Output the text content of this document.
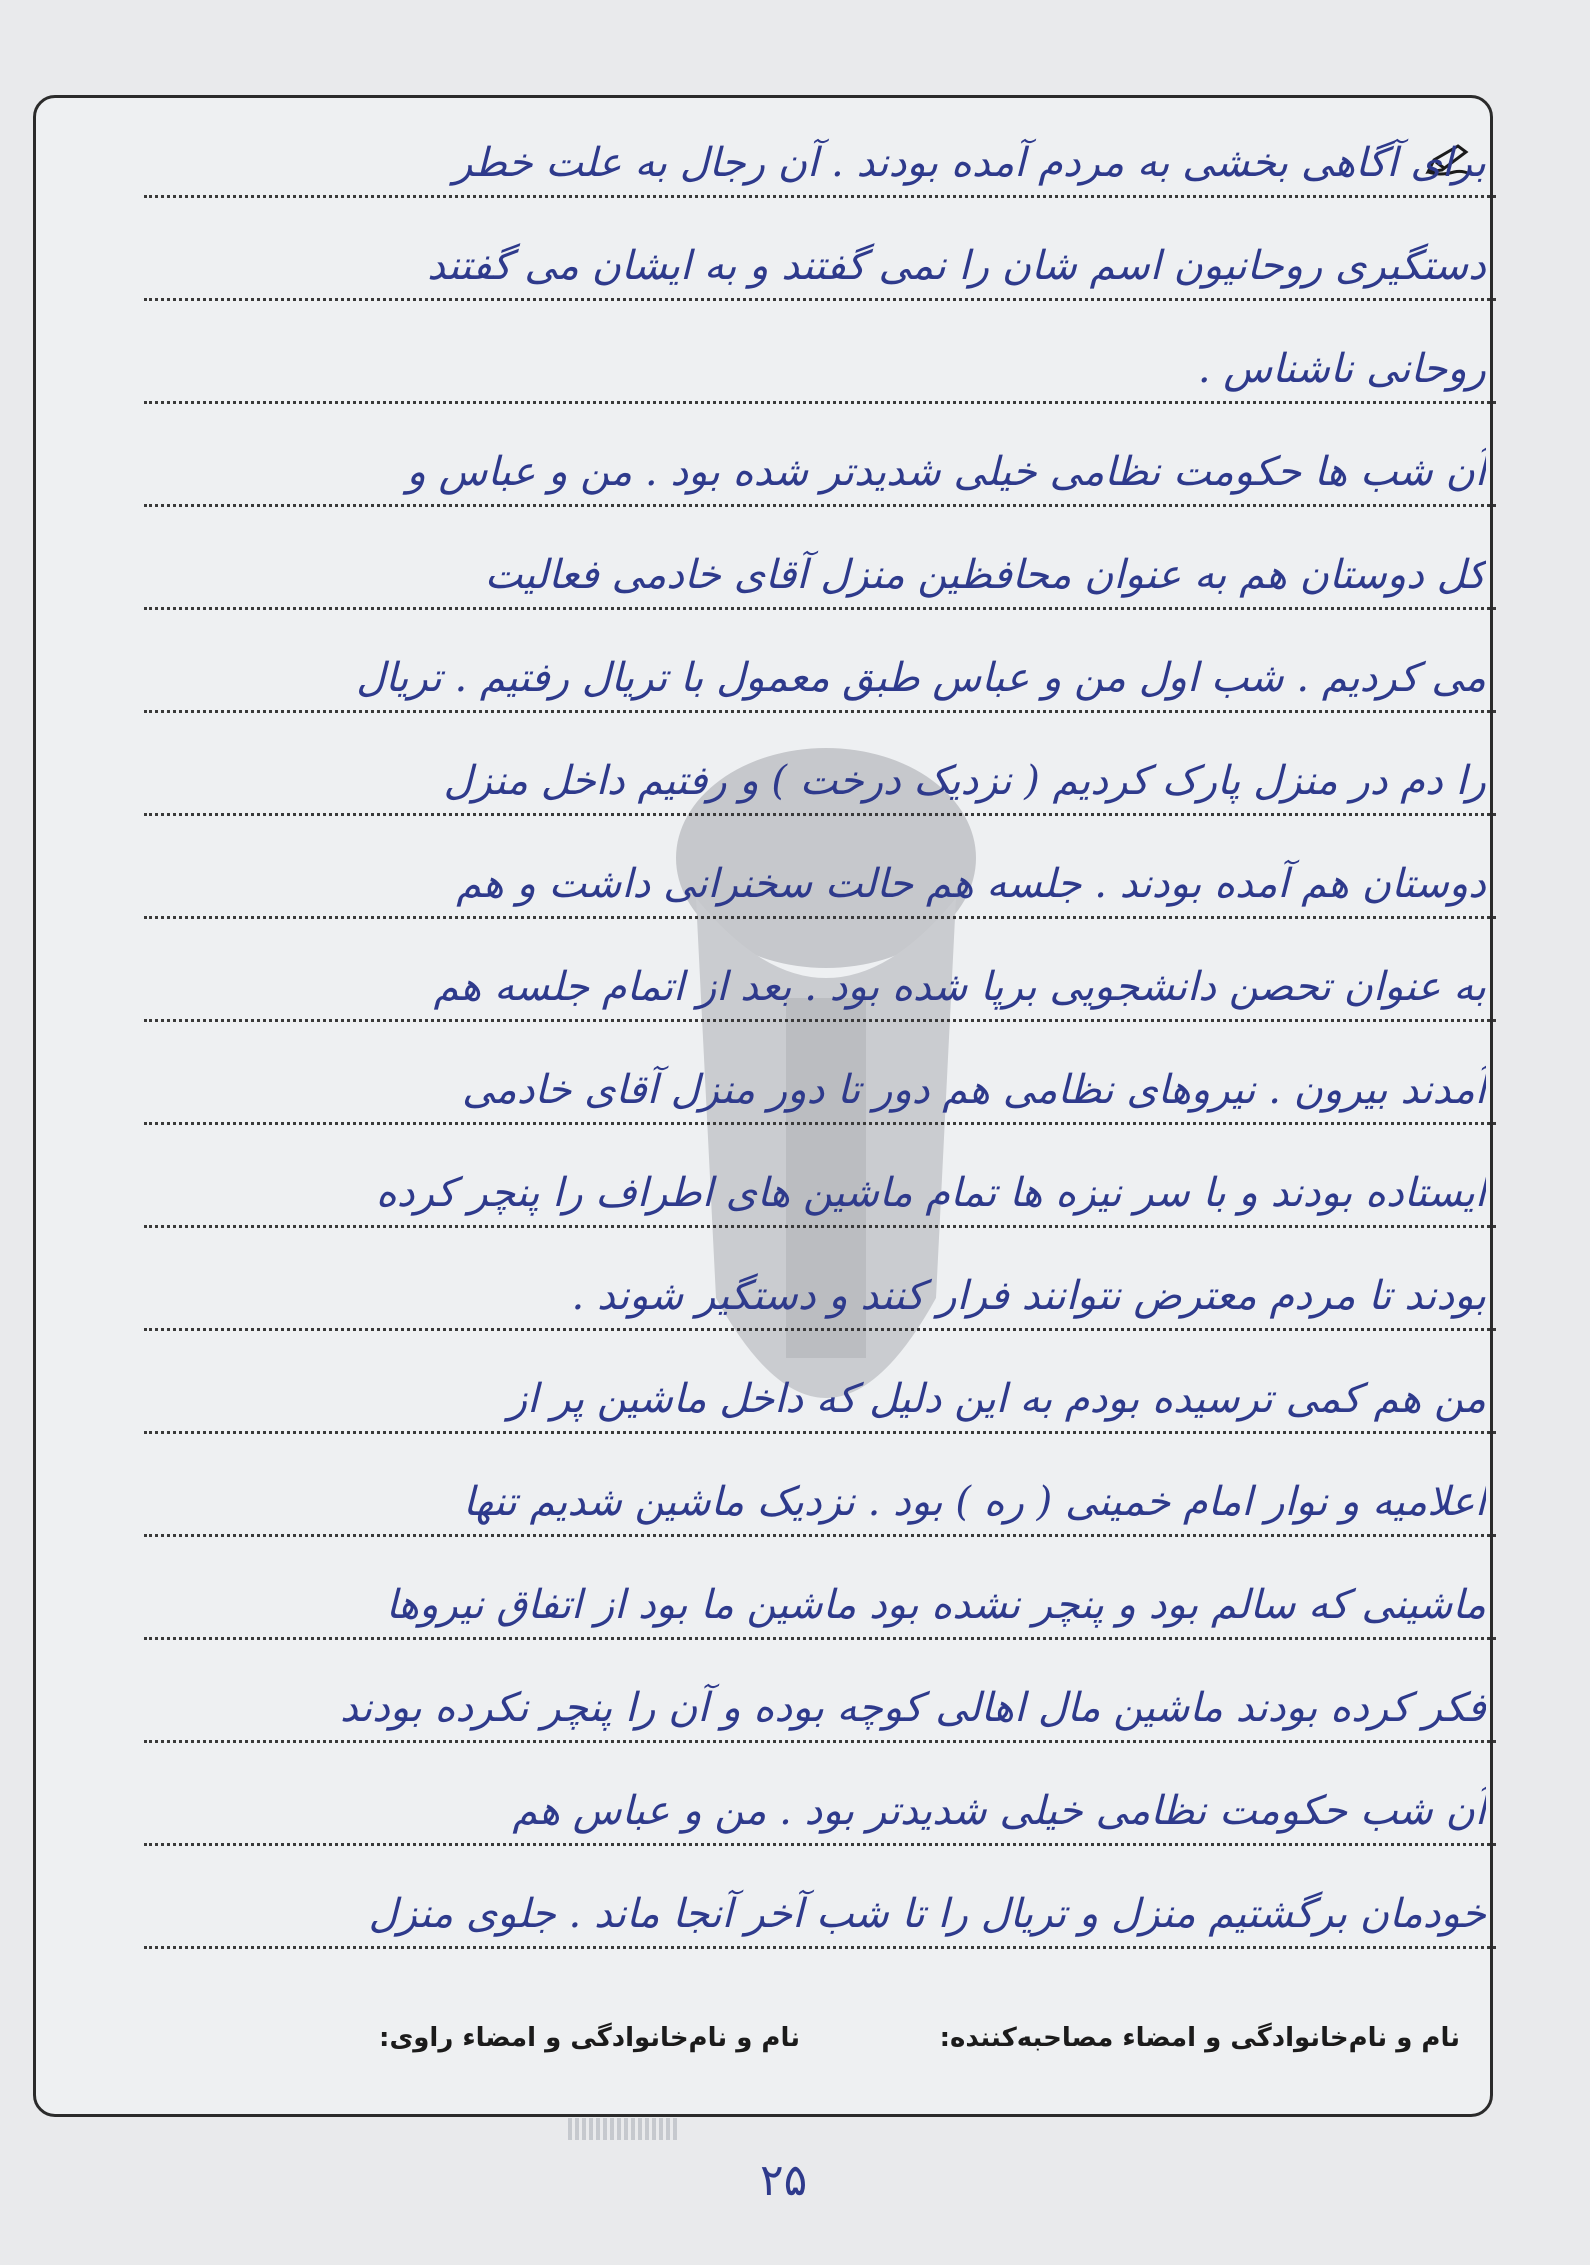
برای آگاهی بخشی به مردم آمده بودند . آن رجال به علت خطر
دستگیری روحانیون اسم شان را نمی گفتند و به ایشان می گفتند
روحانی ناشناس .
آن شب ها حکومت نظامی خیلی شدیدتر شده بود . من و عباس و
کل دوستان هم به عنوان محافظین منزل آقای خادمی فعالیت
می کردیم . شب اول من و عباس طبق معمول با تریال رفتیم . تریال
را دم در منزل پارک کردیم ( نزدیک درخت ) و رفتیم داخل منزل
دوستان هم آمده بودند . جلسه هم حالت سخنرانی داشت و هم
به عنوان تحصن دانشجویی برپا شده بود . بعد از اتمام جلسه هم
آمدند بیرون . نیروهای نظامی هم دور تا دور منزل آقای خادمی
ایستاده بودند و با سر نیزه ها تمام ماشین های اطراف را پنچر کرده
بودند تا مردم معترض نتوانند فرار کنند و دستگیر شوند .
من هم کمی ترسیده بودم به این دلیل که داخل ماشین پر از
اعلامیه و نوار امام خمینی ( ره ) بود . نزدیک ماشین شدیم تنها
ماشینی که سالم بود و پنچر نشده بود ماشین ما بود از اتفاق نیروها
فکر کرده بودند ماشین مال اهالی کوچه بوده و آن را پنچر نکرده بودند
آن شب حکومت نظامی خیلی شدیدتر بود . من و عباس هم
خودمان برگشتیم منزل و تریال را تا شب آخر آنجا ماند . جلوی منزل
نام و نام‌خانوادگی و امضاء مصاحبه‌کننده:
نام و نام‌خانوادگی و امضاء راوی:
۲۵
